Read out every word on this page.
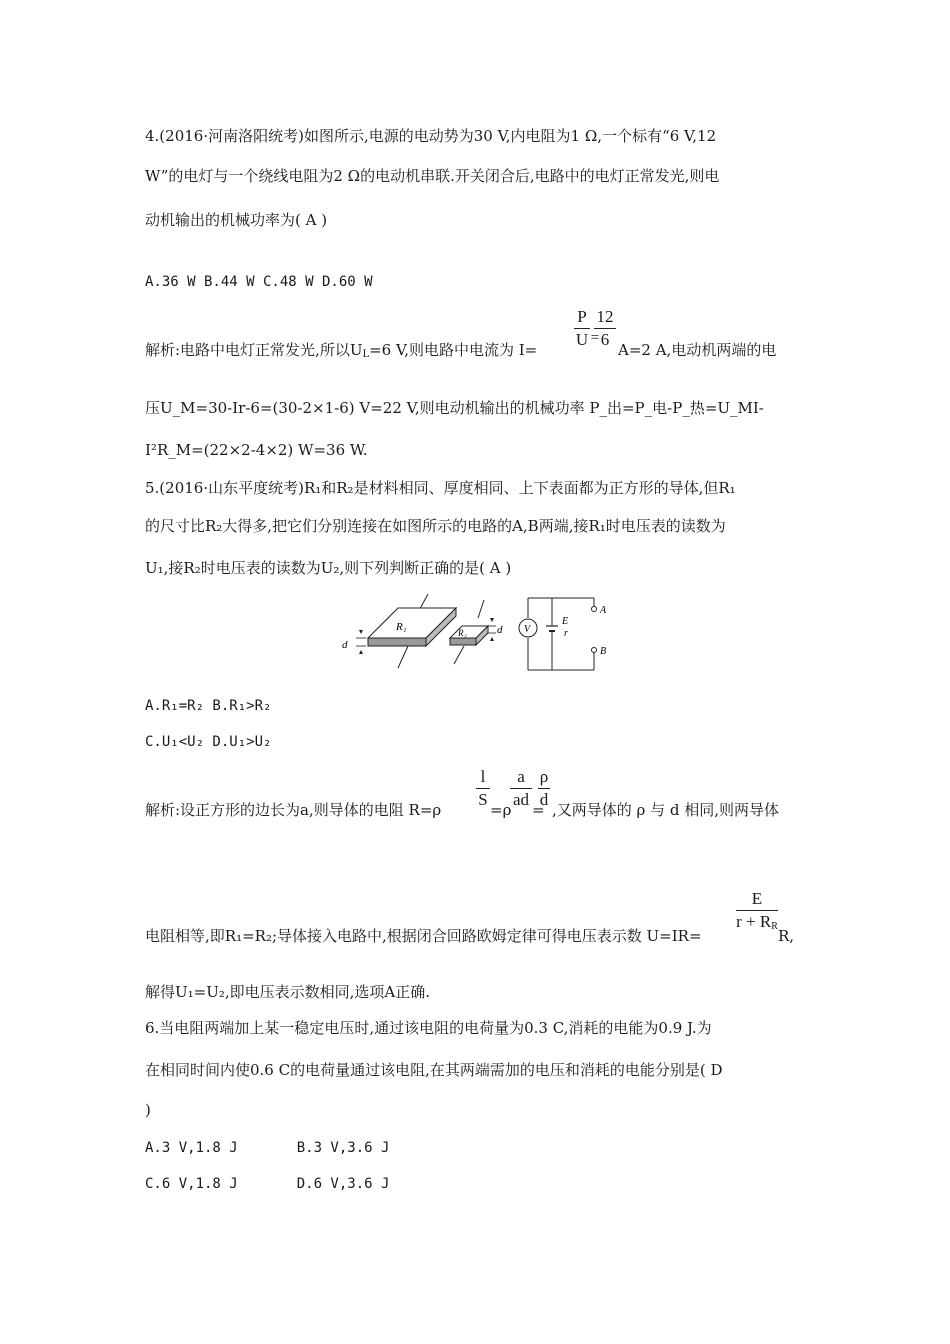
4.(2016·河南洛阳统考)如图所示,电源的电动势为30 V,内电阻为1 Ω,一个标有“6 V,12
W”的电灯与一个绕线电阻为2 Ω的电动机串联.开关闭合后,电路中的电灯正常发光,则电
动机输出的机械功率为( A )
A.36 W B.44 W C.48 W D.60 W
解析:电路中电灯正常发光,所以$U_L=6$ V,则电路中电流为 I=
P
U =
12
6
A=2 A,电动机两端的电
压U_M=30-Ir-6=(30-2×1-6) V=22 V,则电动机输出的机械功率 P_出=P_电-P_热=U_MI-
I²R_M=(22×2-4×2) W=36 W.
5.(2016·山东平度统考)R₁和R₂是材料相同、厚度相同、上下表面都为正方形的导体,但R₁
的尺寸比R₂大得多,把它们分别连接在如图所示的电路的A,B两端,接R₁时电压表的读数为
U₁,接R₂时电压表的读数为U₂,则下列判断正确的是( A )
R₁
d
R₂	d V
E
r
A
B
A.R₁=R₂ B.R₁>R₂
C.U₁<U₂ D.U₁>U₂
解析:设正方形的边长为a,则导体的电阻 R=ρ
l
S
=ρ
a
ad
=
ρ
d
,又两导体的 ρ 与 d 相同,则两导体
电阻相等,即R₁=R₂;导体接入电路中,根据闭合回路欧姆定律可得电压表示数 U=IR=
E
$r + R_R$
R,
解得U₁=U₂,即电压表示数相同,选项A正确.
6.当电阻两端加上某一稳定电压时,通过该电阻的电荷量为0.3 C,消耗的电能为0.9 J.为
在相同时间内使0.6 C的电荷量通过该电阻,在其两端需加的电压和消耗的电能分别是( D
)
A.3 V,1.8 J       B.3 V,3.6 J
C.6 V,1.8 J       D.6 V,3.6 J
